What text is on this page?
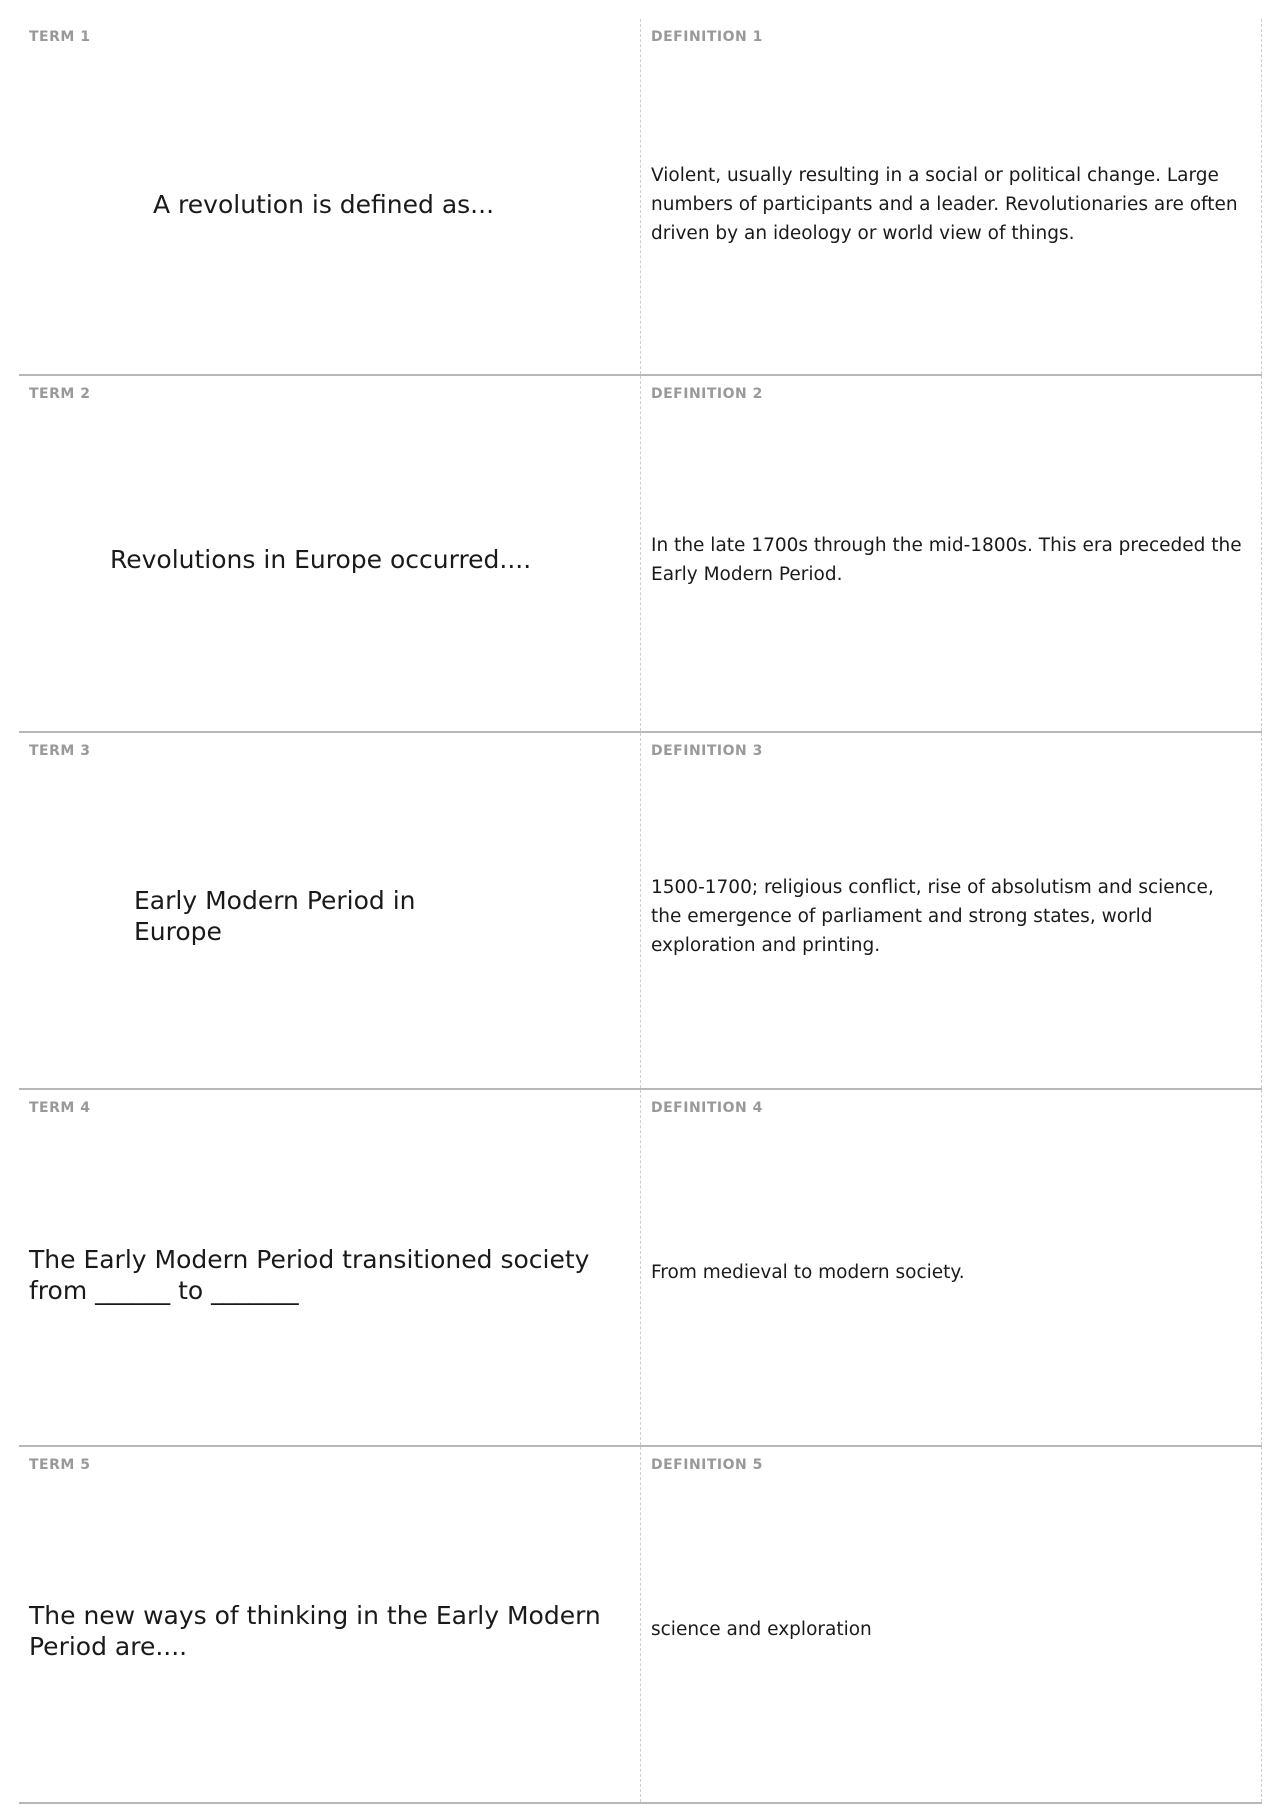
TERM 1
A revolution is defined as...
DEFINITION 1
Violent, usually resulting in a social or political change. Large numbers of participants and a leader. Revolutionaries are often driven by an ideology or world view of things.
TERM 2
Revolutions in Europe occurred....
DEFINITION 2
In the late 1700s through the mid-1800s. This era preceded the Early Modern Period.
TERM 3
Early Modern Period in Europe
DEFINITION 3
1500-1700; religious conflict, rise of absolutism and science, the emergence of parliament and strong states, world exploration and printing.
TERM 4
The Early Modern Period transitioned society from ______ to _______
DEFINITION 4
From medieval to modern society.
TERM 5
The new ways of thinking in the Early Modern Period are....
DEFINITION 5
science and exploration
